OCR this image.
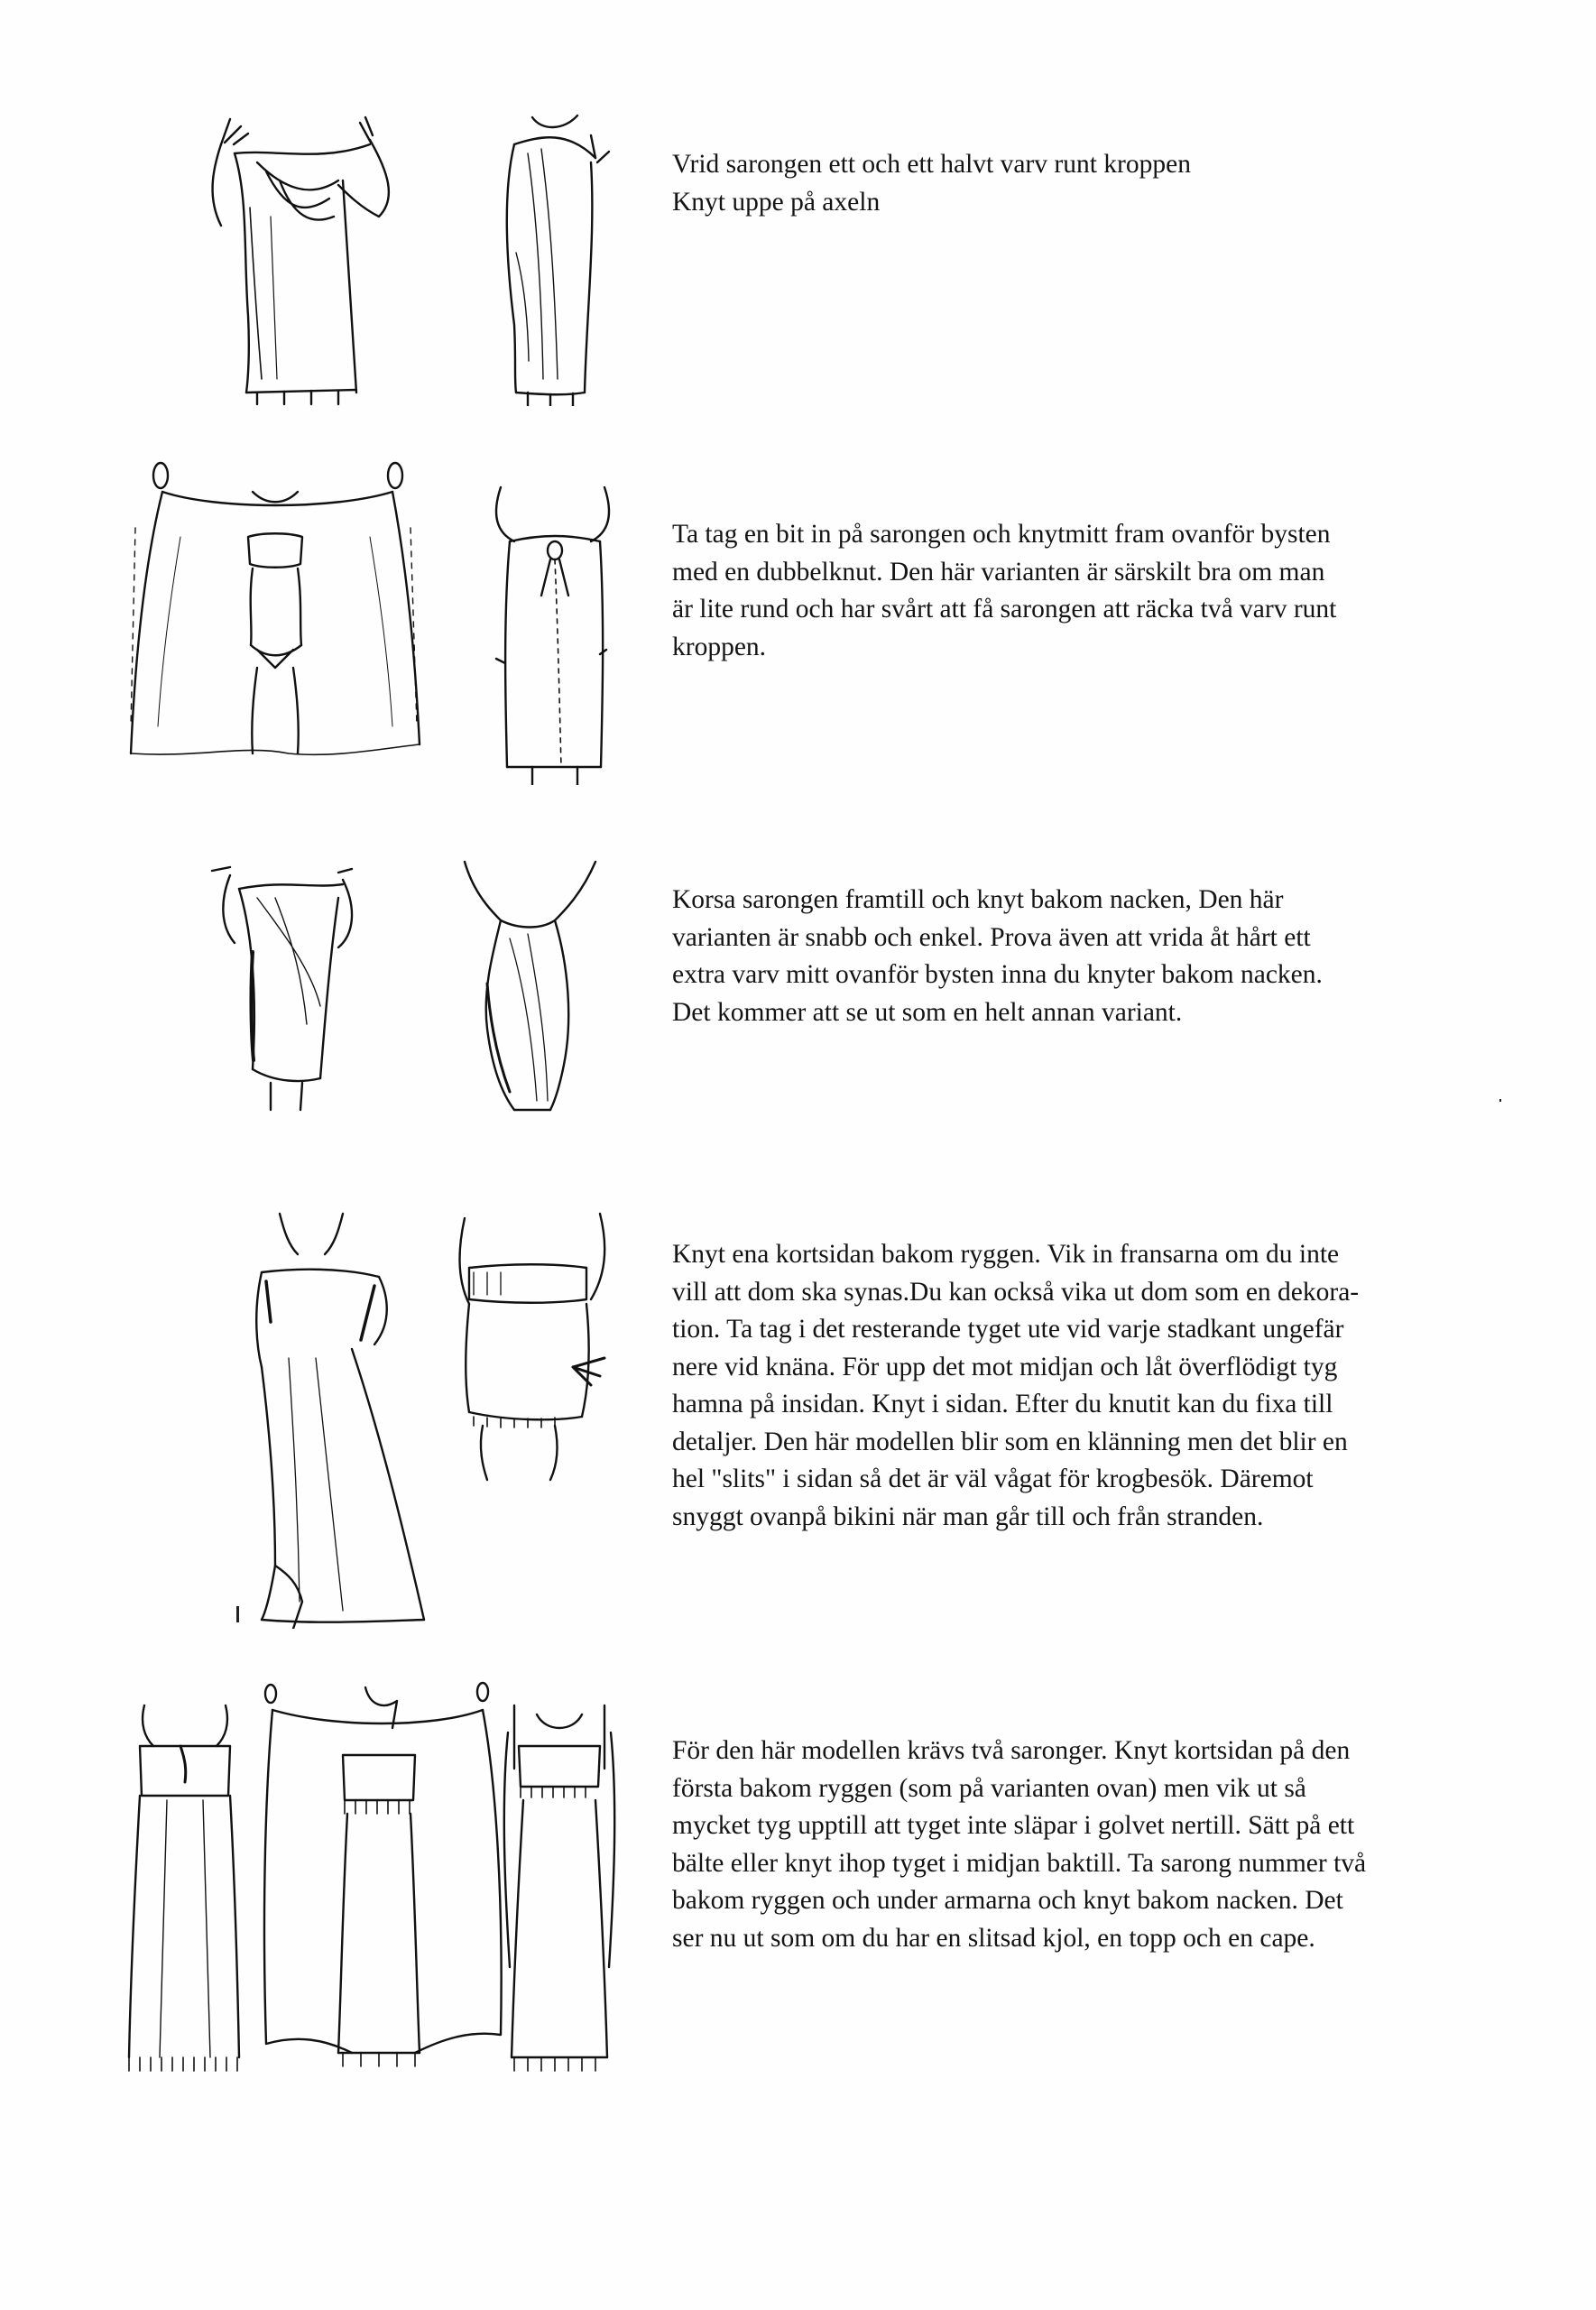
Vrid sarongen ett och ett halvt varv runt kroppen

Knyt uppe på axeln

Ta tag en bit in på sarongen och knytmitt fram ovanför bysten

med en dubbelknut. Den här varianten är särskilt bra om man

är lite rund och har svårt att få sarongen att räcka två varv runt

kroppen.

Korsa sarongen framtill och knyt bakom nacken, Den här

varianten är snabb och enkel. Prova även att vrida åt hårt ett

extra varv mitt ovanför bysten inna du knyter bakom nacken.

Det kommer att se ut som en helt annan variant.

Knyt ena kortsidan bakom ryggen. Vik in fransarna om du inte

vill att dom ska synas.Du kan också vika ut dom som en dekora-

tion. Ta tag i det resterande tyget ute vid varje stadkant ungefär

nere vid knäna. För upp det mot midjan och låt överflödigt tyg

hamna på insidan. Knyt i sidan. Efter du knutit kan du fixa till

detaljer. Den här modellen blir som en klänning men det blir en

hel "slits" i sidan så det är väl vågat för krogbesök. Däremot

snyggt ovanpå bikini när man går till och från stranden.

För den här modellen krävs två saronger. Knyt kortsidan på den

första bakom ryggen (som på varianten ovan) men vik ut så

mycket tyg upptill att tyget inte släpar i golvet nertill. Sätt på ett

bälte eller knyt ihop tyget i midjan baktill. Ta sarong nummer två

bakom ryggen och under armarna och knyt bakom nacken. Det

ser nu ut som om du har en slitsad kjol, en topp och en cape.
